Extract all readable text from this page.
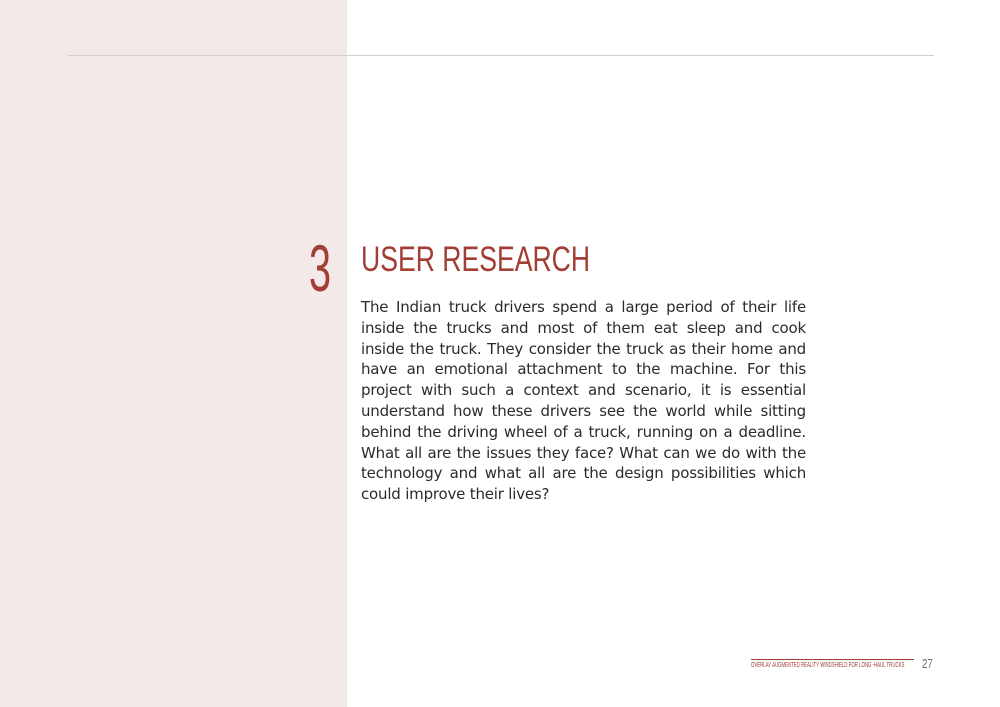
3 USER RESEARCH

The Indian truck drivers spend a large period of their life inside the trucks and most of them eat sleep and cook inside the truck. They consider the truck as their home and have an emotional attachment to the machine. For this project with such a context and scenario, it is essential understand how these drivers see the world while sitting behind the driving wheel of a truck, running on a deadline. What all are the issues they face? What can we do with the technology and what all are the design possibilities which could improve their lives?

OVERLAY AUGMENTED REALITY WINDSHIELD FOR LONG -HAUL TRUCKS 27
